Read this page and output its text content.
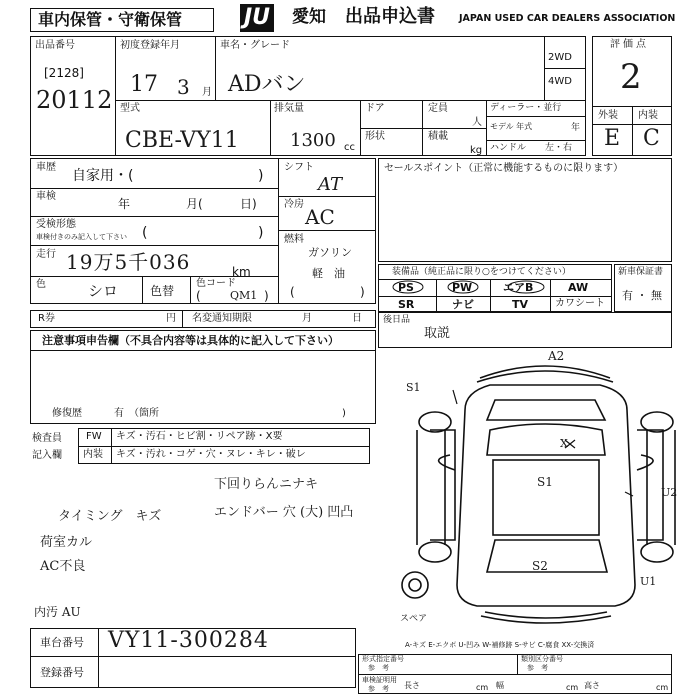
車内保管・守衛保管	JU 愛知 出品申込書	JAPAN USED CAR DEALERS ASSOCIATION
出品番号
[2128]
20112
初度登録年月
17 3 月
車名・グレード
ADバン
2WD
4WD
評価点
2
外装 内装
E C
型式
CBE-VY11
排気量
1300 cc
ドア	定員
人
形状	積載
kg
ディーラー・並行
モデル 年式	年
ハンドル 左・右
車歴
自家用・(	)
車検
年	月(	日)
受検形態
車検付きのみ記入して下さい (	)
走行 19万5千036	km
色	シロ	色替
色コード
(	QM1 )
シフト
AT
冷房
AC
燃料
ガソリン
軽　油
(	)
セールスポイント（正常に機能するものに限ります）
装備品（純正品に限り○をつけてください）
PS	PW	エアB	AW
SR	ナビ	TV	カワシート
新車保証書
有 ・ 無
R券	円 名変通知期限	月	日 後日品
取説
注意事項申告欄（不具合内容等は具体的に記入して下さい）
修復歴	有　（箇所	)
検査員
記入欄
FW キズ・汚石・ヒビ割・リペア跡・X要
内装 キズ・汚れ・コゲ・穴・ヌレ・キレ・破レ
下回りらんニナキ
タイミング　キズ	エンドバー 穴 (大) 凹凸
荷室カル
AC不良
内汚 AU
A2
S1
X
S1
U2
S2
U1
スペア
A-キズ E-エクボ U-凹み W-補修跡 S-サビ C-腐食 XX-交換済
車台番号 VY11-300284
登録番号
形式指定番号
参　考
類別区分番号
参　考
車検証明用
参　考 長さ	cm 幅	cm 高さ	cm
